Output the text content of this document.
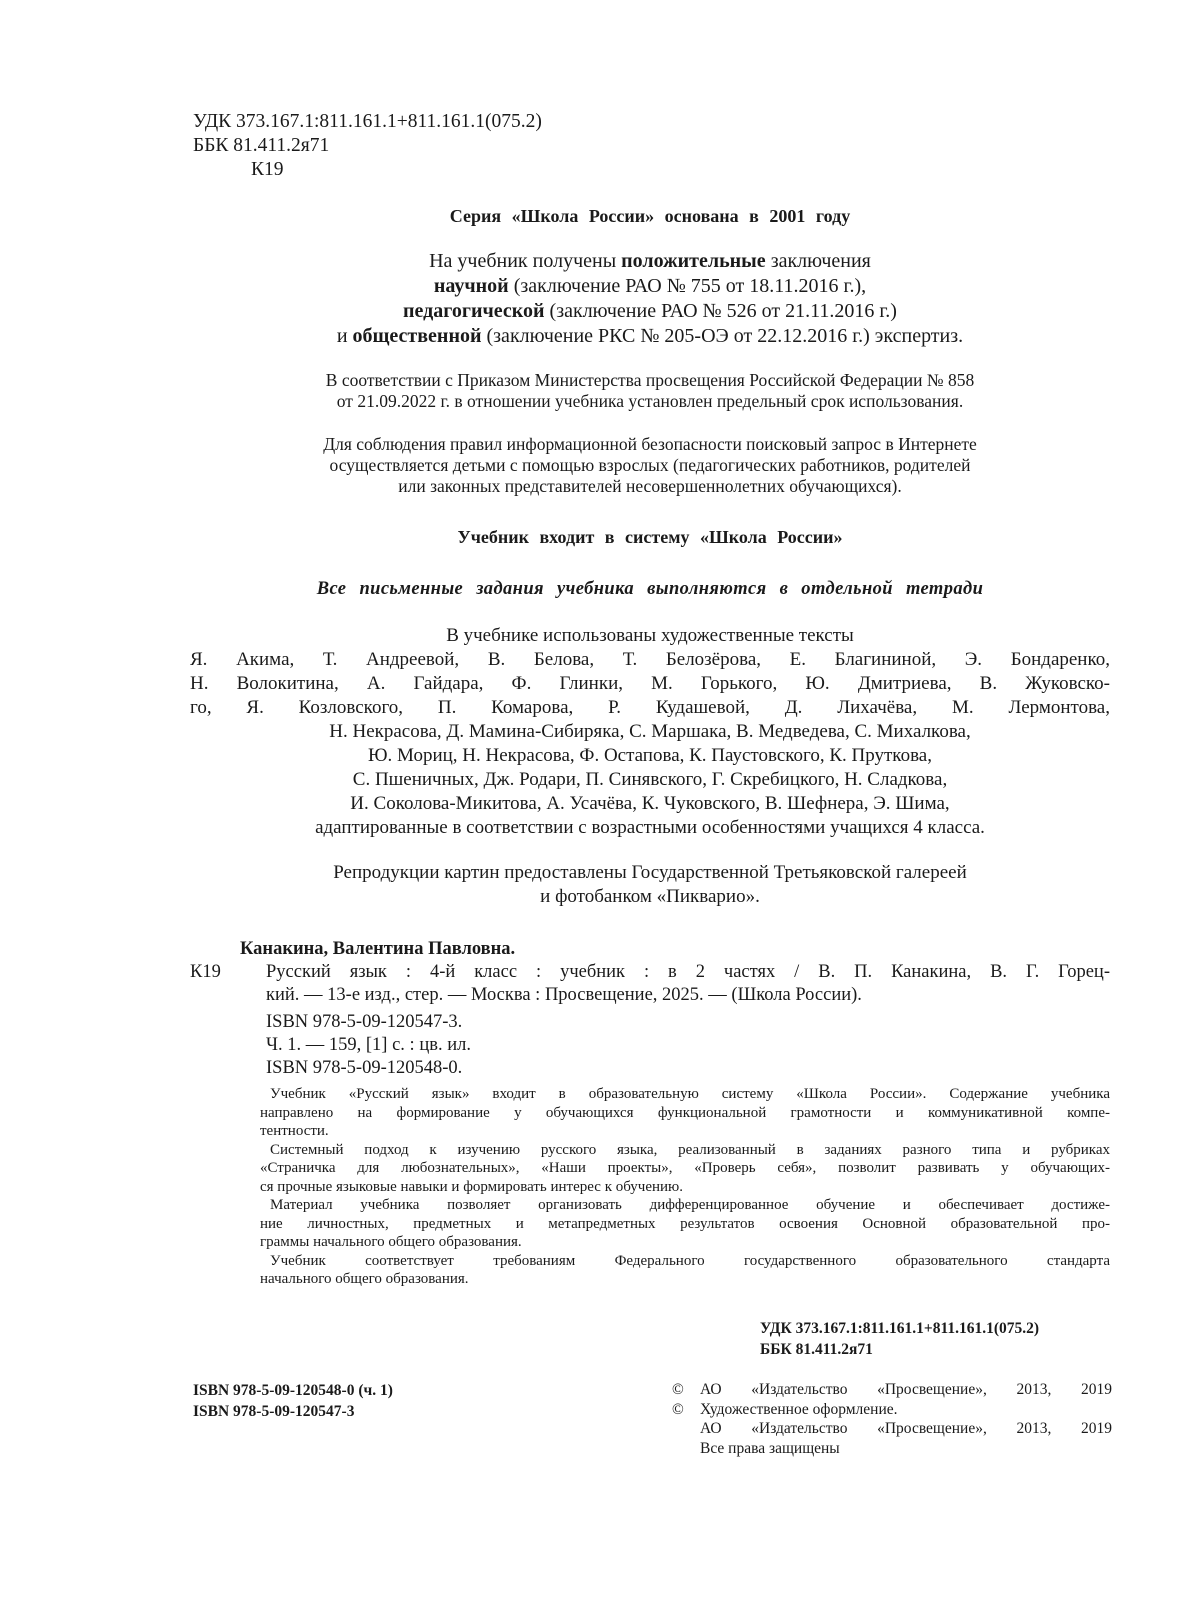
УДК 373.167.1:811.161.1+811.161.1(075.2)
ББК 81.411.2я71
К19
Серия «Школа России» основана в 2001 году
На учебник получены положительные заключения
научной (заключение РАО № 755 от 18.11.2016 г.),
педагогической (заключение РАО № 526 от 21.11.2016 г.)
и общественной (заключение РКС № 205-ОЭ от 22.12.2016 г.) экспертиз.
В соответствии с Приказом Министерства просвещения Российской Федерации № 858
от 21.09.2022 г. в отношении учебника установлен предельный срок использования.
Для соблюдения правил информационной безопасности поисковый запрос в Интернете
осуществляется детьми с помощью взрослых (педагогических работников, родителей
или законных представителей несовершеннолетних обучающихся).
Учебник входит в систему «Школа России»
Все письменные задания учебника выполняются в отдельной тетради
В учебнике использованы художественные тексты
Я. Акима, Т. Андреевой, В. Белова, Т. Белозёрова, Е. Благининой, Э. Бондаренко,
Н. Волокитина, А. Гайдара, Ф. Глинки, М. Горького, Ю. Дмитриева, В. Жуковско-
го, Я. Козловского, П. Комарова, Р. Кудашевой, Д. Лихачёва, М. Лермонтова,
Н. Некрасова, Д. Мамина-Сибиряка, С. Маршака, В. Медведева, С. Михалкова,
Ю. Мориц, Н. Некрасова, Ф. Остапова, К. Паустовского, К. Пруткова,
С. Пшеничных, Дж. Родари, П. Синявского, Г. Скребицкого, Н. Сладкова,
И. Соколова-Микитова, А. Усачёва, К. Чуковского, В. Шефнера, Э. Шима,
адаптированные в соответствии с возрастными особенностями учащихся 4 класса.
Репродукции картин предоставлены Государственной Третьяковской галереей
и фотобанком «Пикварио».
Канакина, Валентина Павловна.
К19	Русский язык : 4-й класс : учебник : в 2 частях / В. П. Канакина, В. Г. Горец-
кий. — 13-е изд., стер. — Москва : Просвещение, 2025. — (Школа России).
ISBN 978-5-09-120547-3.
Ч. 1. — 159, [1] с. : цв. ил.
ISBN 978-5-09-120548-0.
Учебник «Русский язык» входит в образовательную систему «Школа России». Содержание учебника
направлено на формирование у обучающихся функциональной грамотности и коммуникативной компе-
тентности.
Системный подход к изучению русского языка, реализованный в заданиях разного типа и рубриках
«Страничка для любознательных», «Наши проекты», «Проверь себя», позволит развивать у обучающих-
ся прочные языковые навыки и формировать интерес к обучению.
Материал учебника позволяет организовать дифференцированное обучение и обеспечивает достиже-
ние личностных, предметных и метапредметных результатов освоения Основной образовательной про-
граммы начального общего образования.
Учебник соответствует требованиям Федерального государственного образовательного стандарта
начального общего образования.
УДК 373.167.1:811.161.1+811.161.1(075.2)
ББК 81.411.2я71
ISBN 978-5-09-120548-0 (ч. 1)
ISBN 978-5-09-120547-3
©	АО «Издательство «Просвещение», 2013, 2019
©	Художественное оформление.
АО «Издательство «Просвещение», 2013, 2019
Все права защищены
